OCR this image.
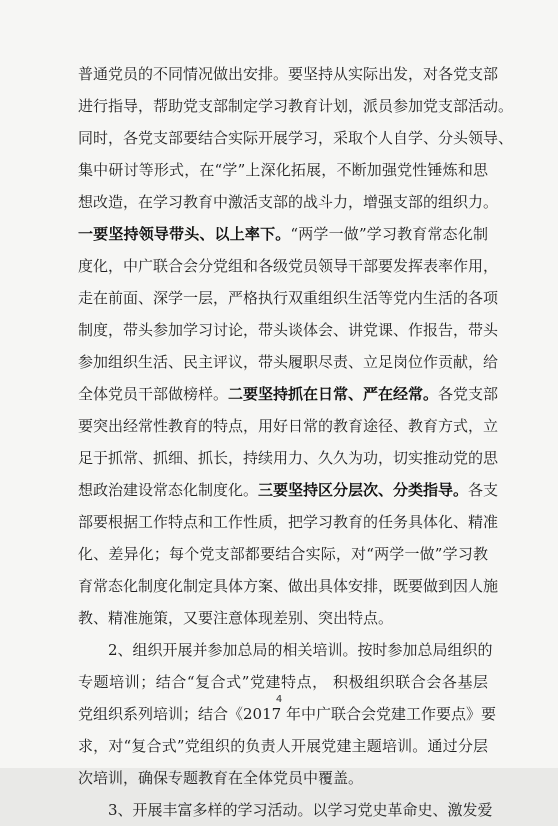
普通党员的不同情况做出安排。要坚持从实际出发，对各党支部
进行指导，帮助党支部制定学习教育计划，派员参加党支部活动。
同时，各党支部要结合实际开展学习，采取个人自学、分头领导、
集中研讨等形式，在“学”上深化拓展，不断加强党性锤炼和思
想改造，在学习教育中激活支部的战斗力，增强支部的组织力。
一要坚持领导带头、以上率下。“两学一做”学习教育常态化制
度化，中广联合会分党组和各级党员领导干部要发挥表率作用，
走在前面、深学一层，严格执行双重组织生活等党内生活的各项
制度，带头参加学习讨论，带头谈体会、讲党课、作报告，带头
参加组织生活、民主评议，带头履职尽责、立足岗位作贡献，给
全体党员干部做榜样。二要坚持抓在日常、严在经常。各党支部
要突出经常性教育的特点，用好日常的教育途径、教育方式，立
足于抓常、抓细、抓长，持续用力、久久为功，切实推动党的思
想政治建设常态化制度化。三要坚持区分层次、分类指导。各支
部要根据工作特点和工作性质，把学习教育的任务具体化、精准
化、差异化；每个党支部都要结合实际，对“两学一做”学习教
育常态化制度化制定具体方案、做出具体安排，既要做到因人施
教、精准施策，又要注意体现差别、突出特点。
　　2、组织开展并参加总局的相关培训。按时参加总局组织的
专题培训；结合“复合式”党建特点， 积极组织联合会各基层
党组织系列培训；结合《2017 年中广联合会党建工作要点》要
求，对“复合式”党组织的负责人开展党建主题培训。通过分层
次培训，确保专题教育在全体党员中覆盖。
　　3、开展丰富多样的学习活动。以学习党史革命史、激发爱
4
